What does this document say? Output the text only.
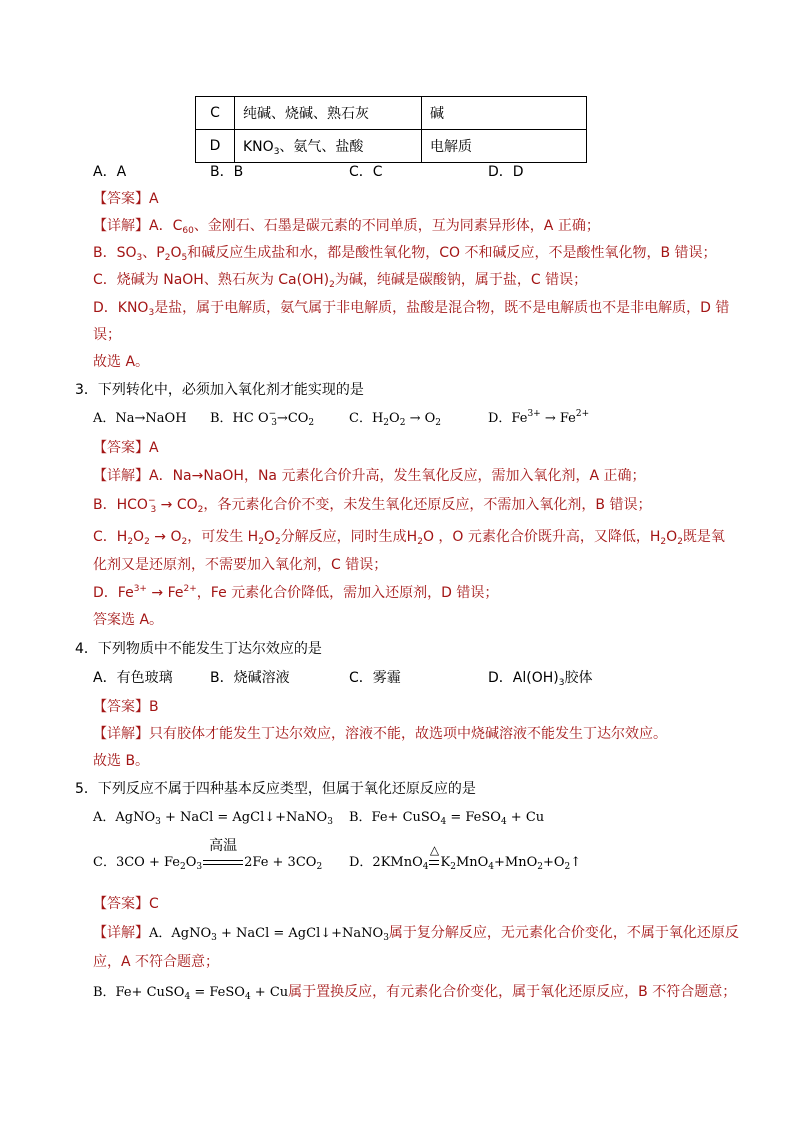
C	纯碱、烧碱、熟石灰	碱
D	$KNO_3$、氨气、盐酸	电解质
A．A	B．B	C．C	D．D
【答案】A
【详解】A．$C_{60}$、金刚石、石墨是碳元素的不同单质，互为同素异形体，A 正确；
B．$SO_3$、$P_2O_5$和碱反应生成盐和水，都是酸性氧化物，CO 不和碱反应，不是酸性氧化物，B 错误；
C．烧碱为 NaOH、熟石灰为 $Ca(OH)_2$为碱，纯碱是碳酸钠，属于盐，C 错误；
D．$KNO_3$是盐，属于电解质，氨气属于非电解质，盐酸是混合物，既不是电解质也不是非电解质，D 错
误；
故选 A。
3．下列转化中，必须加入氧化剂才能实现的是
A．Na→NaOH B．HC $O^-_3\to CO_2$	C．$H_2O_2 \to O_2$	D．$Fe^{3+} \to Fe^{2+}$
【答案】A
【详解】A．Na→NaOH，Na 元素化合价升高，发生氧化反应，需加入氧化剂，A 正确；
B．$HCO^-_3 \to CO_2$，各元素化合价不变，未发生氧化还原反应，不需加入氧化剂，B 错误；
C．$H_2O_2 \to O_2$，可发生 $H_2O_2$分解反应，同时生成$H_2O$ ，O 元素化合价既升高，又降低，$H_2O_2$既是氧
化剂又是还原剂，不需要加入氧化剂，C 错误；
D．$Fe^{3+} \to Fe^{2+}$，Fe 元素化合价降低，需加入还原剂，D 错误；
答案选 A。
4．下列物质中不能发生丁达尔效应的是
A．有色玻璃	B．烧碱溶液	C．雾霾	D．$Al(OH)_3$胶体
【答案】B
【详解】只有胶体才能发生丁达尔效应，溶液不能，故选项中烧碱溶液不能发生丁达尔效应。
故选 B。
5．下列反应不属于四种基本反应类型，但属于氧化还原反应的是
A．AgNO$_3$ + NaCl = AgCl↓+NaNO$_3$ B．Fe+ CuSO$_4$ = FeSO$_4$ + Cu
C．$3CO + Fe_2O_3$
高温
$2Fe + 3CO_2$ D．2KMnO$_4$
△
$K_2MnO_4+MnO_2+O_2↑$
【答案】C
【详解】A．AgNO$_3$ + NaCl = AgCl↓+NaNO$_3$属于复分解反应，无元素化合价变化，不属于氧化还原反
应，A 不符合题意；
B．Fe+ CuSO$_4$ = FeSO$_4$ + Cu属于置换反应，有元素化合价变化，属于氧化还原反应，B 不符合题意；
